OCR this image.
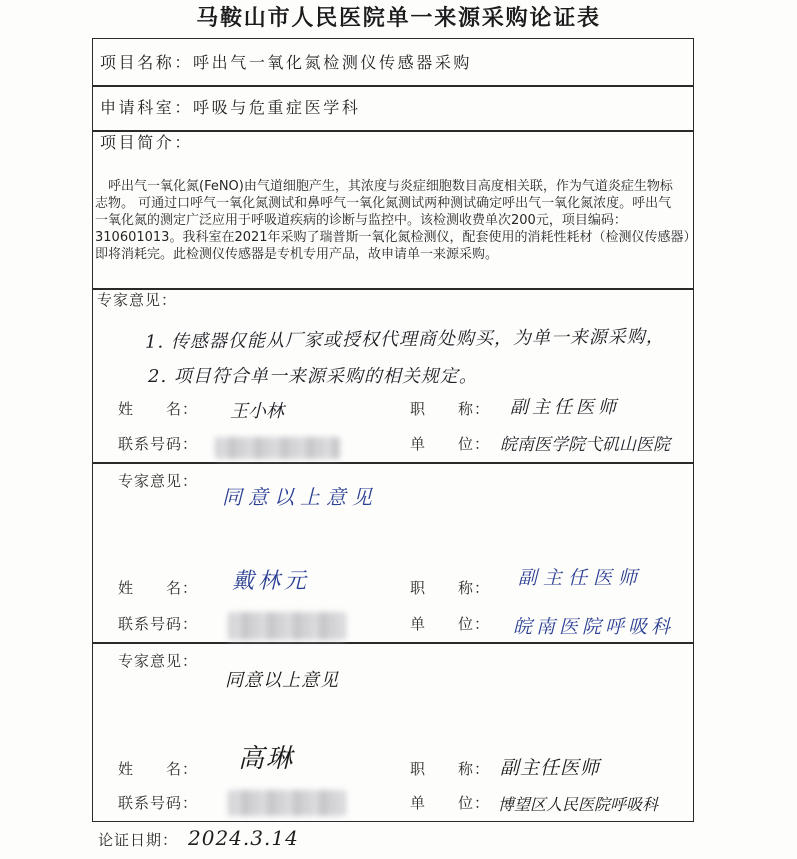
马鞍山市人民医院单一来源采购论证表
项目名称：呼出气一氧化氮检测仪传感器采购
申请科室：呼吸与危重症医学科
项目简介：
呼出气一氧化氮(FeNO)由气道细胞产生，其浓度与炎症细胞数目高度相关联，作为气道炎症生物标
志物。 可通过口呼气一氧化氮测试和鼻呼气一氧化氮测试两种测试确定呼出气一氧化氮浓度。呼出气
一氧化氮的测定广泛应用于呼吸道疾病的诊断与监控中。该检测收费单次200元，项目编码：
310601013。我科室在2021年采购了瑞普斯一氧化氮检测仪，配套使用的消耗性耗材（检测仪传感器）
即将消耗完。此检测仪传感器是专机专用产品，故申请单一来源采购。
专家意见：
1. 传感器仅能从厂家或授权代理商处购买，为单一来源采购，
2. 项目符合单一来源采购的相关规定。
姓　　名： 王小林	职　　称： 副主任医师
联系号码：	单　　位： 皖南医学院弋矶山医院
专家意见：
同意以上意见
姓　　名： 戴林元	职　　称： 副主任医师
联系号码：	单　　位： 皖南医院呼吸科
专家意见：
同意以上意见
姓　　名： 高琳	职　　称： 副主任医师
联系号码：	单　　位： 博望区人民医院呼吸科
论证日期： 2024.3.14
